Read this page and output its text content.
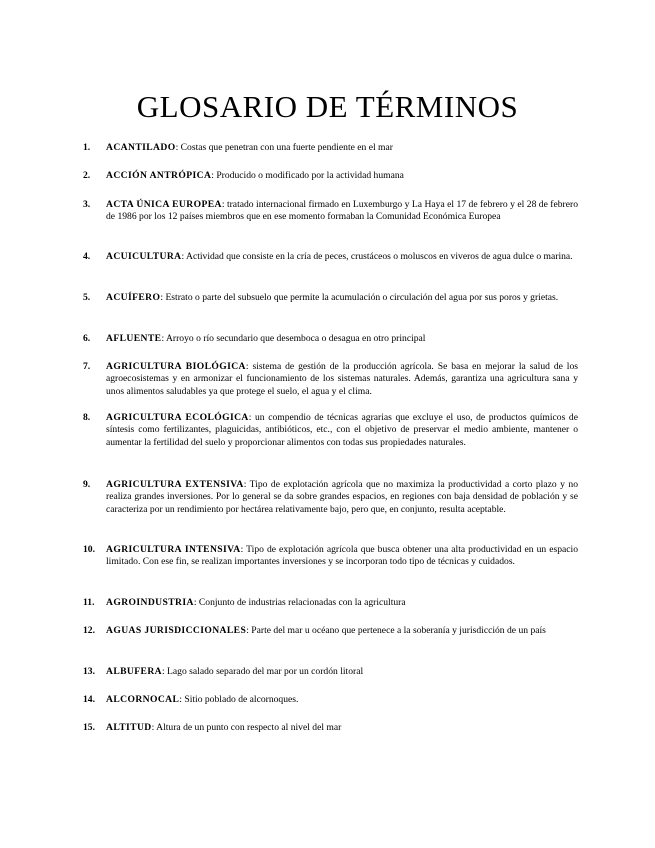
GLOSARIO DE TÉRMINOS
1. ACANTILADO: Costas que penetran con una fuerte pendiente en el mar
2. ACCIÓN ANTRÓPICA: Producido o modificado por la actividad humana
3. ACTA ÚNICA EUROPEA: tratado internacional firmado en Luxemburgo y La Haya el 17 de febrero y el 28 de febrero de 1986 por los 12 países miembros que en ese momento formaban la Comunidad Económica Europea
4. ACUICULTURA: Actividad que consiste en la cría de peces, crustáceos o moluscos en viveros de agua dulce o marina.
5. ACUÍFERO: Estrato o parte del subsuelo que permite la acumulación o circulación del agua por sus poros y grietas.
6. AFLUENTE: Arroyo o río secundario que desemboca o desagua en otro principal
7. AGRICULTURA BIOLÓGICA: sistema de gestión de la producción agrícola. Se basa en mejorar la salud de los agroecosistemas y en armonizar el funcionamiento de los sistemas naturales. Además, garantiza una agricultura sana y unos alimentos saludables ya que protege el suelo, el agua y el clima.
8. AGRICULTURA ECOLÓGICA: un compendio de técnicas agrarias que excluye el uso, de productos químicos de síntesis como fertilizantes, plaguicidas, antibióticos, etc., con el objetivo de preservar el medio ambiente, mantener o aumentar la fertilidad del suelo y proporcionar alimentos con todas sus propiedades naturales.
9. AGRICULTURA EXTENSIVA: Tipo de explotación agrícola que no maximiza la productividad a corto plazo y no realiza grandes inversiones. Por lo general se da sobre grandes espacios, en regiones con baja densidad de población y se caracteriza por un rendimiento por hectárea relativamente bajo, pero que, en conjunto, resulta aceptable.
10. AGRICULTURA INTENSIVA: Tipo de explotación agrícola que busca obtener una alta productividad en un espacio limitado. Con ese fin, se realizan importantes inversiones y se incorporan todo tipo de técnicas y cuidados.
11. AGROINDUSTRIA: Conjunto de industrias relacionadas con la agricultura
12. AGUAS JURISDICCIONALES: Parte del mar u océano que pertenece a la soberanía y jurisdicción de un país
13. ALBUFERA: Lago salado separado del mar por un cordón litoral
14. ALCORNOCAL: Sitio poblado de alcornoques.
15. ALTITUD: Altura de un punto con respecto al nivel del mar
